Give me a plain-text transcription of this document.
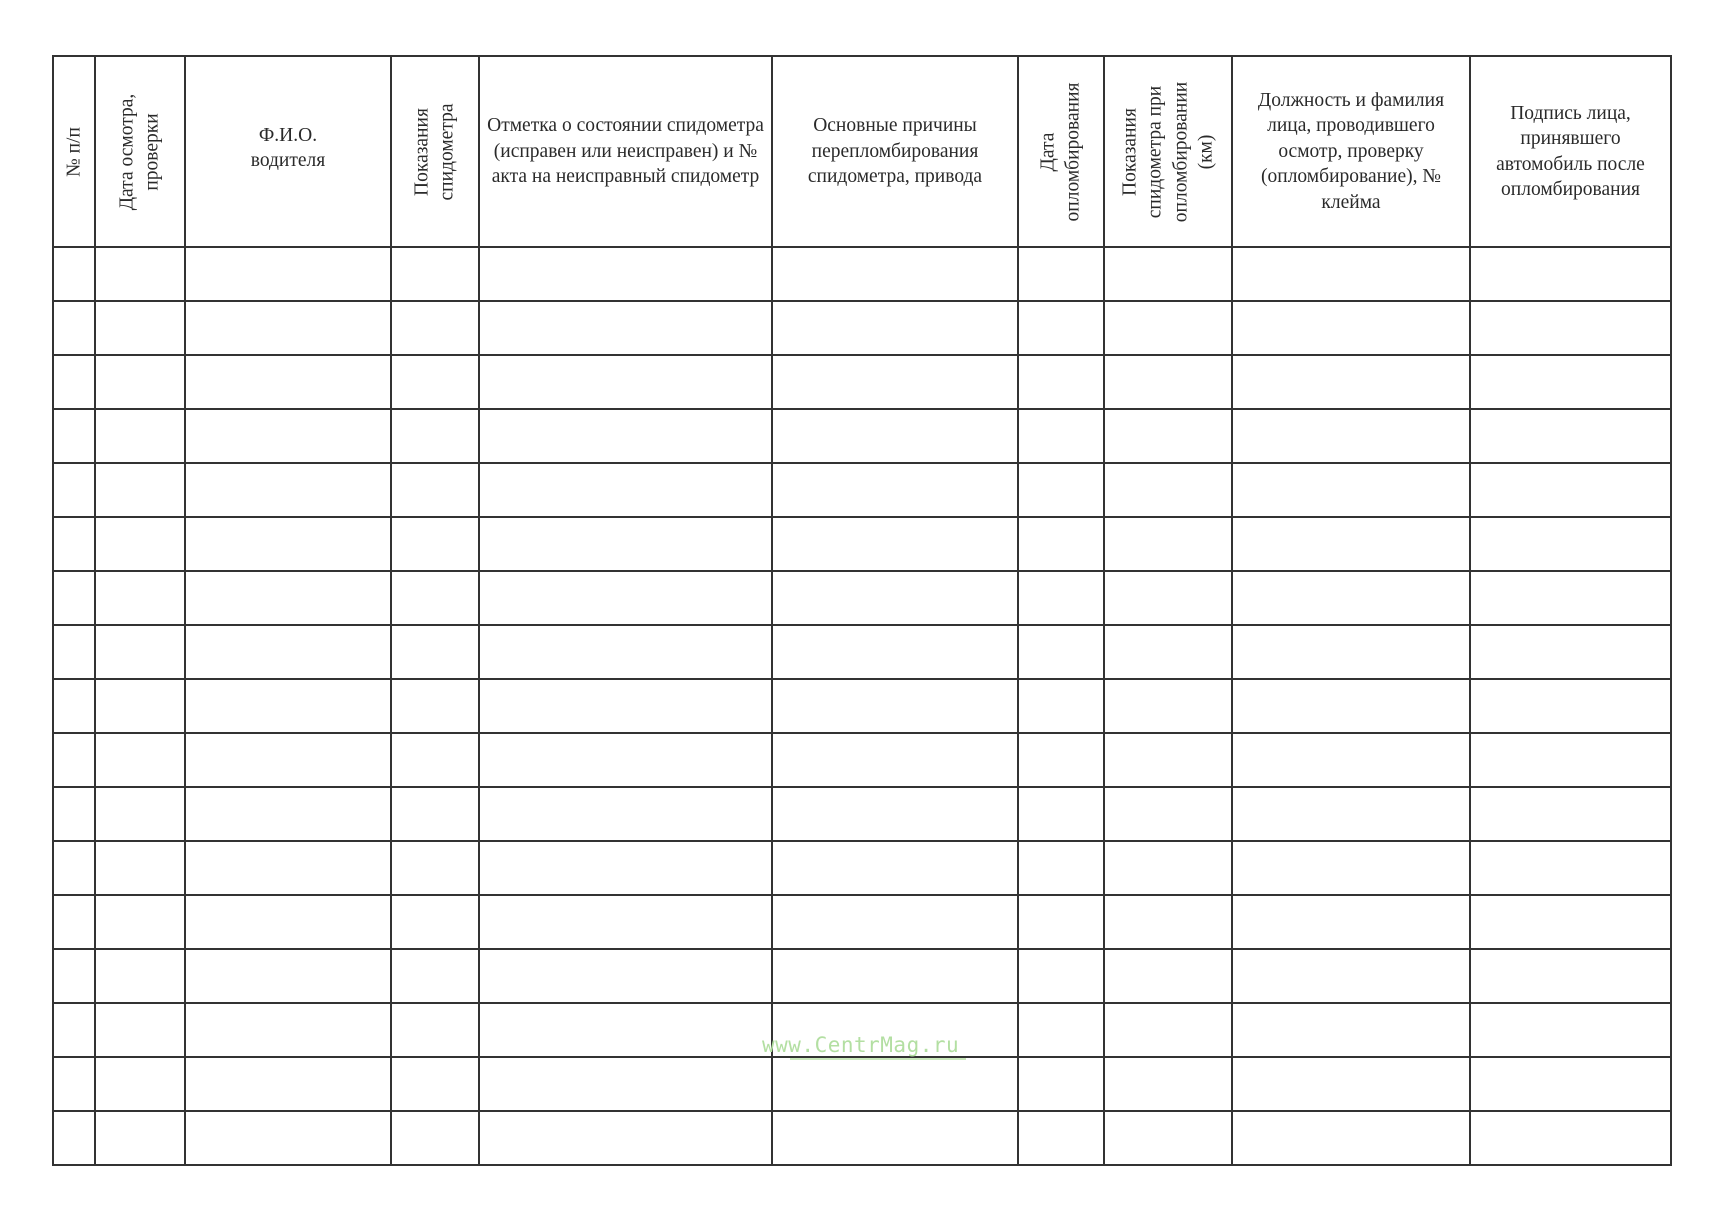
№ п/п	Дата осмотра,
проверки	Ф.И.О.
водителя	Показания
спидометра	Отметка о состоянии спидометра (исправен или неисправен) и № акта на неисправный спидометр	Основные причины перепломбирования спидометра, привода	Дата
опломбирования	Показания
спидометра при
опломбировании
(км)	Должность и фамилия лица, проводившего осмотр, проверку (опломбирование), № клейма	Подпись лица, принявшего автомобиль после опломбирования

www.CentrMag.ru
